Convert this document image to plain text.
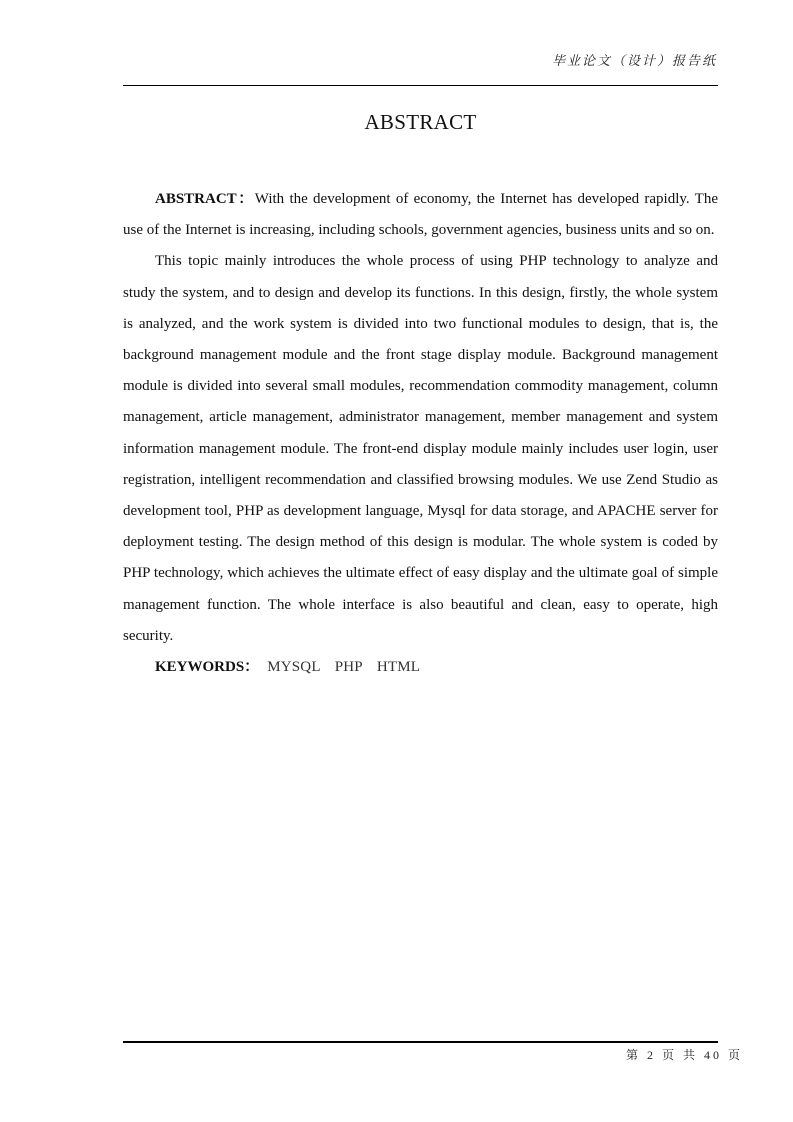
毕业论文（设计）报告纸
ABSTRACT

ABSTRACT：With the development of economy, the Internet has developed rapidly. The use of the Internet is increasing, including schools, government agencies, business units and so on.

This topic mainly introduces the whole process of using PHP technology to analyze and study the system, and to design and develop its functions. In this design, firstly, the whole system is analyzed, and the work system is divided into two functional modules to design, that is, the background management module and the front stage display module. Background management module is divided into several small modules, recommendation commodity management, column management, article management, administrator management, member management and system information management module. The front-end display module mainly includes user login, user registration, intelligent recommendation and classified browsing modules. We use Zend Studio as development tool, PHP as development language, Mysql for data storage, and APACHE server for deployment testing. The design method of this design is modular. The whole system is coded by PHP technology, which achieves the ultimate effect of easy display and the ultimate goal of simple management function. The whole interface is also beautiful and clean, easy to operate, high security.

KEYWORDS： MYSQL PHP HTML

第 2 页 共 40 页
